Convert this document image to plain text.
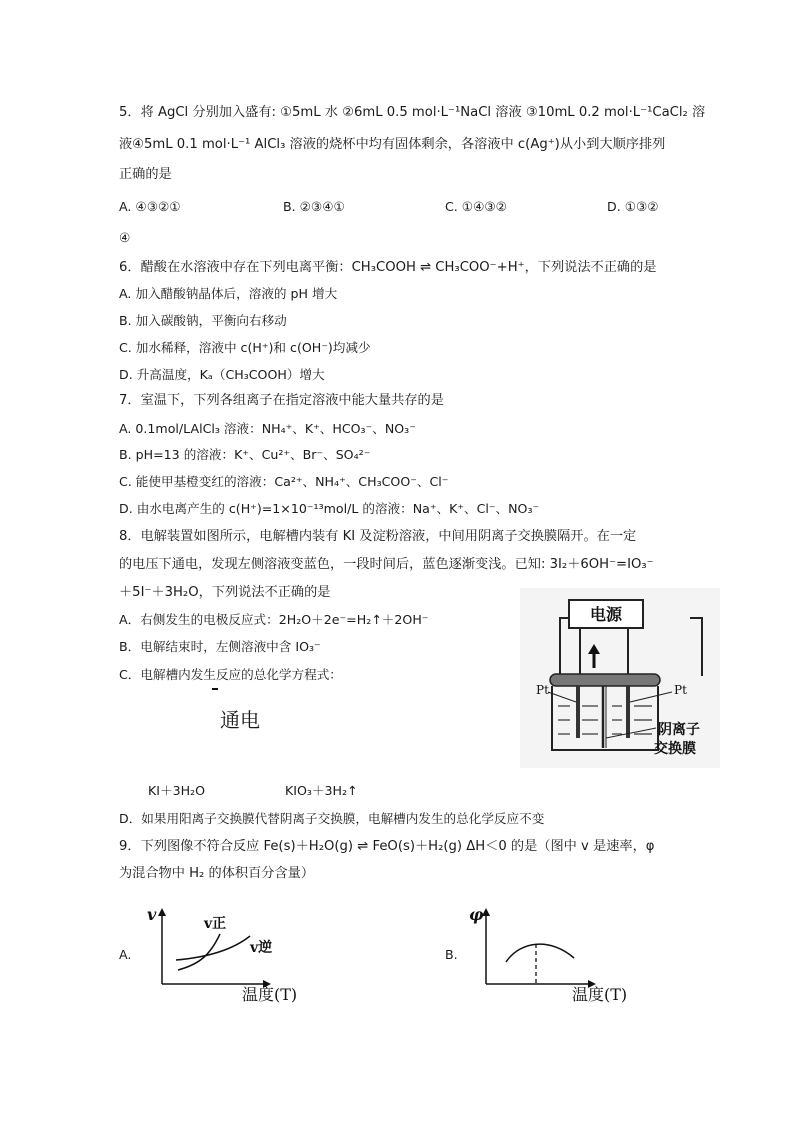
5．将 AgCl 分别加入盛有: ①5mL 水 ②6mL 0.5 mol·L⁻¹NaCl 溶液 ③10mL 0.2 mol·L⁻¹CaCl₂ 溶
液④5mL 0.1 mol·L⁻¹ AlCl₃ 溶液的烧杯中均有固体剩余，各溶液中 c(Ag⁺)从小到大顺序排列
正确的是
A. ④③②①	B. ②③④①	C. ①④③②	D. ①③②
④
6．醋酸在水溶液中存在下列电离平衡：CH₃COOH ⇌ CH₃COO⁻+H⁺，下列说法不正确的是
A. 加入醋酸钠晶体后，溶液的 pH 增大
B. 加入碳酸钠，平衡向右移动
C. 加水稀释，溶液中 c(H⁺)和 c(OH⁻)均减少
D. 升高温度，Kₐ（CH₃COOH）增大
7．室温下，下列各组离子在指定溶液中能大量共存的是
A. 0.1mol/LAlCl₃ 溶液：NH₄⁺、K⁺、HCO₃⁻、NO₃⁻
B. pH=13 的溶液：K⁺、Cu²⁺、Br⁻、SO₄²⁻
C. 能使甲基橙变红的溶液：Ca²⁺、NH₄⁺、CH₃COO⁻、Cl⁻
D. 由水电离产生的 c(H⁺)=1×10⁻¹³mol/L 的溶液：Na⁺、K⁺、Cl⁻、NO₃⁻
8．电解装置如图所示，电解槽内装有 KI 及淀粉溶液，中间用阴离子交换膜隔开。在一定
的电压下通电，发现左侧溶液变蓝色，一段时间后，蓝色逐渐变浅。已知: 3I₂＋6OH⁻=IO₃⁻
＋5I⁻＋3H₂O，下列说法不正确的是
A．右侧发生的电极反应式：2H₂O＋2e⁻=H₂↑＋2OH⁻
B．电解结束时，左侧溶液中含 IO₃⁻
C．电解槽内发生反应的总化学方程式：
通电
KI＋3H₂O	KIO₃＋3H₂↑
D．如果用阳离子交换膜代替阴离子交换膜，电解槽内发生的总化学反应不变
电源
Pt	Pt
阴离子
交换膜
9．下列图像不符合反应 Fe(s)＋H₂O(g) ⇌ FeO(s)＋H₂(g) ΔH＜0 的是（图中 v 是速率，φ
为混合物中 H₂ 的体积百分含量）
A.
v	v正
v逆
温度(T)
B.
φ
温度(T)
